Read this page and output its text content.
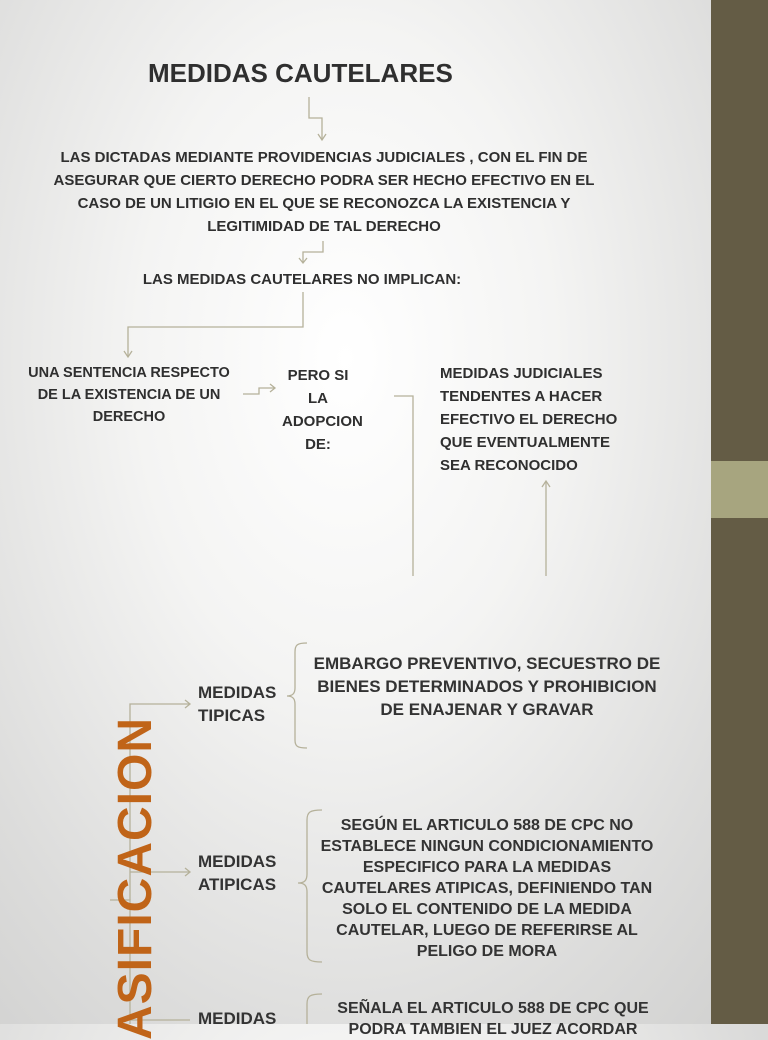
MEDIDAS CAUTELARES
LAS DICTADAS MEDIANTE PROVIDENCIAS JUDICIALES , CON EL FIN DE ASEGURAR QUE CIERTO DERECHO PODRA SER HECHO EFECTIVO EN EL CASO DE UN LITIGIO EN EL QUE SE RECONOZCA LA EXISTENCIA Y LEGITIMIDAD DE TAL DERECHO
LAS MEDIDAS CAUTELARES NO IMPLICAN:
UNA SENTENCIA RESPECTO DE LA EXISTENCIA DE UN DERECHO
PERO SI LA ADOPCION DE:
MEDIDAS JUDICIALES TENDENTES A HACER EFECTIVO EL DERECHO QUE EVENTUALMENTE SEA RECONOCIDO
ASIFICACION
MEDIDAS TIPICAS
EMBARGO PREVENTIVO, SECUESTRO DE BIENES DETERMINADOS Y PROHIBICION DE ENAJENAR Y GRAVAR
MEDIDAS ATIPICAS
SEGÚN EL ARTICULO 588 DE CPC NO ESTABLECE NINGUN CONDICIONAMIENTO ESPECIFICO PARA LA MEDIDAS CAUTELARES ATIPICAS, DEFINIENDO TAN SOLO EL CONTENIDO DE LA MEDIDA CAUTELAR, LUEGO DE REFERIRSE AL PELIGO DE MORA
MEDIDAS
SEÑALA EL ARTICULO 588 DE CPC QUE PODRA TAMBIEN EL JUEZ ACORDAR
